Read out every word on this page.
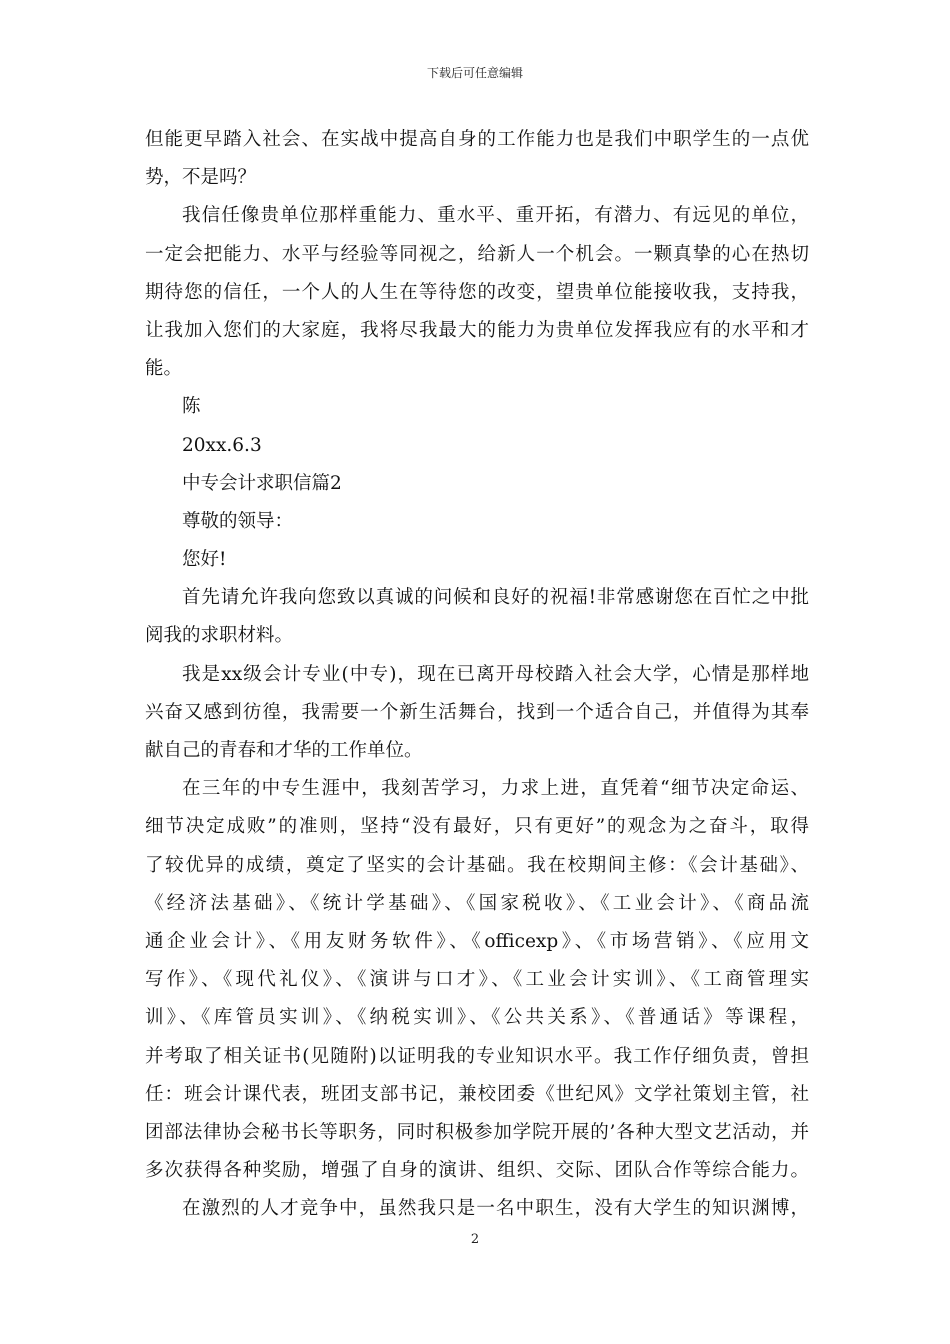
下载后可任意编辑
但能更早踏入社会、在实战中提高自身的工作能力也是我们中职学生的一点优
势，不是吗？
我信任像贵单位那样重能力、重水平、重开拓，有潜力、有远见的单位，
一定会把能力、水平与经验等同视之，给新人一个机会。一颗真挚的心在热切
期待您的信任，一个人的人生在等待您的改变，望贵单位能接收我，支持我，
让我加入您们的大家庭，我将尽我最大的能力为贵单位发挥我应有的水平和才
能。
陈
20xx.6.3
中专会计求职信篇2
尊敬的领导：
您好!
首先请允许我向您致以真诚的问候和良好的祝福!非常感谢您在百忙之中批
阅我的求职材料。
我是xx级会计专业(中专)，现在已离开母校踏入社会大学，心情是那样地
兴奋又感到彷徨，我需要一个新生活舞台，找到一个适合自己，并值得为其奉
献自己的青春和才华的工作单位。
在三年的中专生涯中，我刻苦学习，力求上进，直凭着“细节决定命运、
细节决定成败”的准则，坚持“没有最好，只有更好”的观念为之奋斗，取得
了较优异的成绩，奠定了坚实的会计基础。我在校期间主修：《会计基础》、
《经济法基础》、《统计学基础》、《国家税收》、《工业会计》、《商品流
通企业会计》、《用友财务软件》、《officexp》、《市场营销》、《应用文
写作》、《现代礼仪》、《演讲与口才》、《工业会计实训》、《工商管理实
训》、《库管员实训》、《纳税实训》、《公共关系》、《普通话》等课程，
并考取了相关证书(见随附)以证明我的专业知识水平。我工作仔细负责，曾担
任：班会计课代表，班团支部书记，兼校团委《世纪风》文学社策划主管，社
团部法律协会秘书长等职务，同时积极参加学院开展的’各种大型文艺活动，并
多次获得各种奖励，增强了自身的演讲、组织、交际、团队合作等综合能力。
在激烈的人才竞争中，虽然我只是一名中职生，没有大学生的知识渊博，
2
